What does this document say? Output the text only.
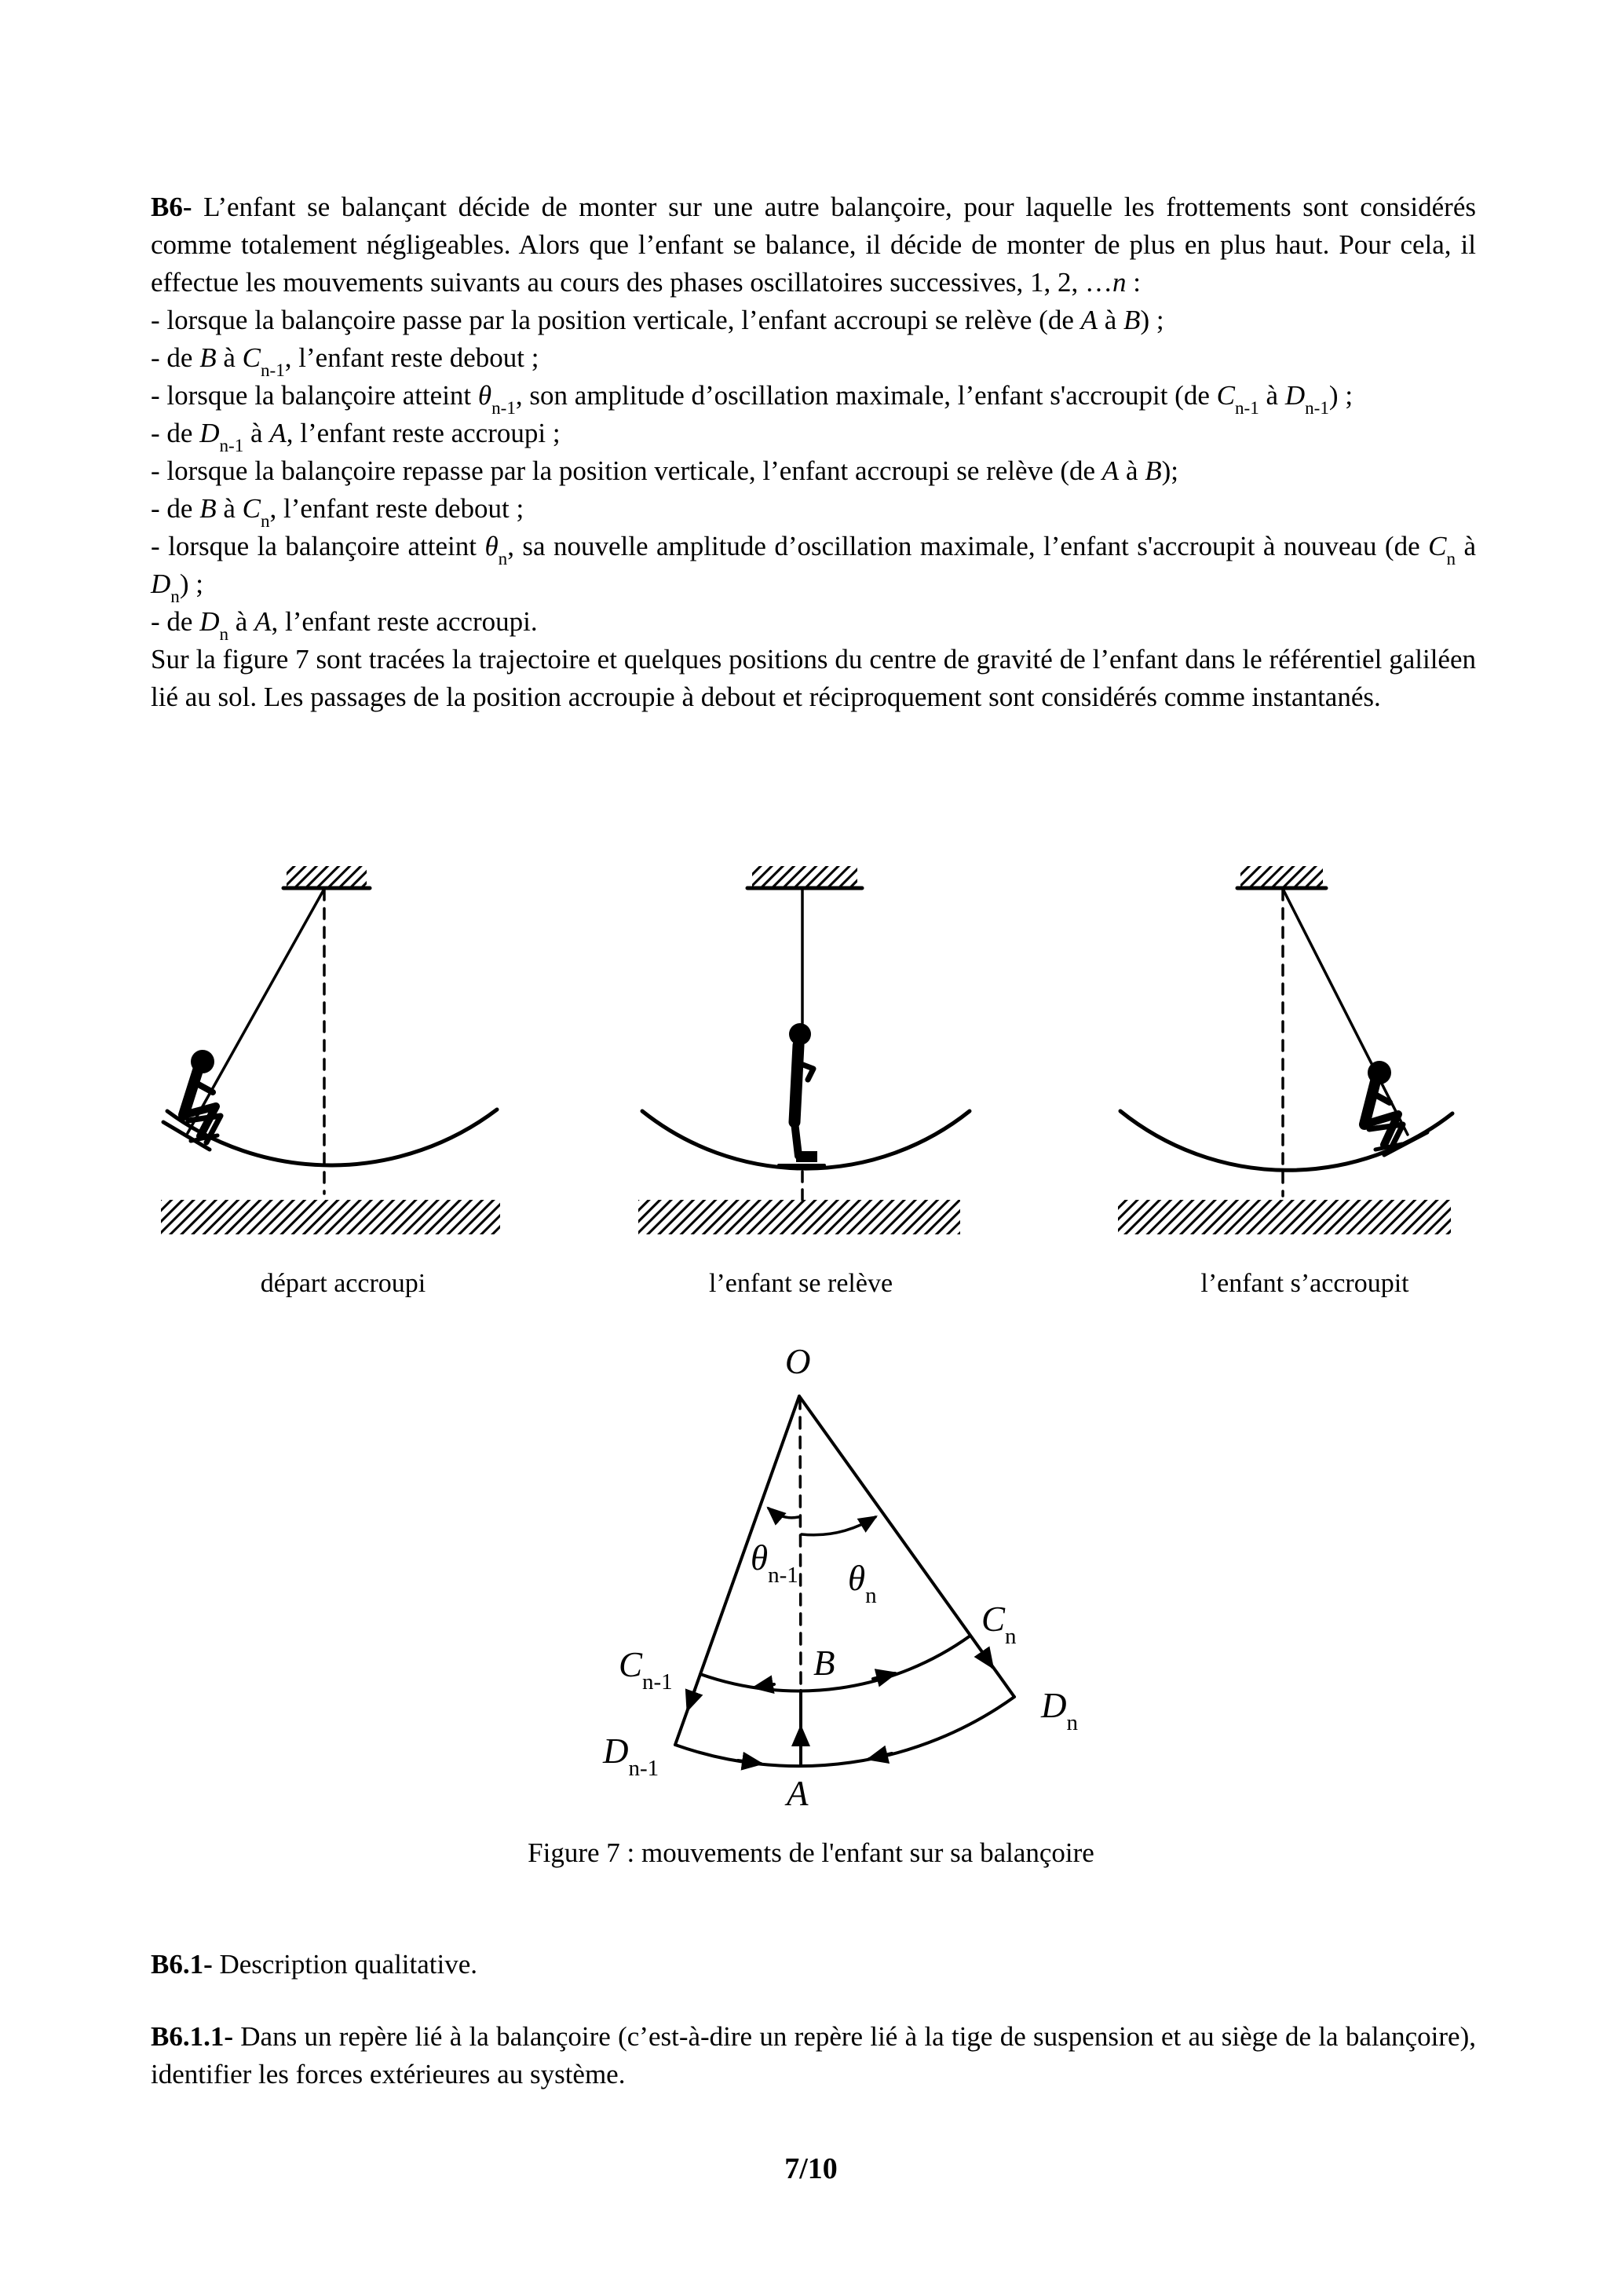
B6- L’enfant se balançant décide de monter sur une autre balançoire, pour laquelle les frottements sont considérés comme totalement négligeables. Alors que l’enfant se balance, il décide de monter de plus en plus haut. Pour cela, il effectue les mouvements suivants au cours des phases oscillatoires successives, 1, 2, …n :
- lorsque la balançoire passe par la position verticale, l’enfant accroupi se relève (de A à B) ;
- de B à $C_{n-1}$, l’enfant reste debout ;
- lorsque la balançoire atteint $\theta_{n-1}$, son amplitude d’oscillation maximale, l’enfant s'accroupit (de $C_{n-1}$ à $D_{n-1}$) ;
- de $D_{n-1}$ à A, l’enfant reste accroupi ;
- lorsque la balançoire repasse par la position verticale, l’enfant accroupi se relève (de A à B);
- de B à $C_n$, l’enfant reste debout ;
- lorsque la balançoire atteint $\theta_n$, sa nouvelle amplitude d’oscillation maximale, l’enfant s'accroupit à nouveau (de $C_n$ à $D_n$) ;
- de $D_n$ à A, l’enfant reste accroupi.
Sur la figure 7 sont tracées la trajectoire et quelques positions du centre de gravité de l’enfant dans le référentiel galiléen lié au sol. Les passages de la position accroupie à debout et réciproquement sont considérés comme instantanés.
départ accroupi	l’enfant se relève	l’enfant s’accroupit
O
$\theta_{n-1}$ $\theta_n$
$C_{n-1}$	B
$C_n$
$D_n$
$D_{n-1}$
A
Figure 7 : mouvements de l'enfant sur sa balançoire
B6.1- Description qualitative.
B6.1.1- Dans un repère lié à la balançoire (c’est-à-dire un repère lié à la tige de suspension et au siège de la balançoire), identifier les forces extérieures au système.
7/10
